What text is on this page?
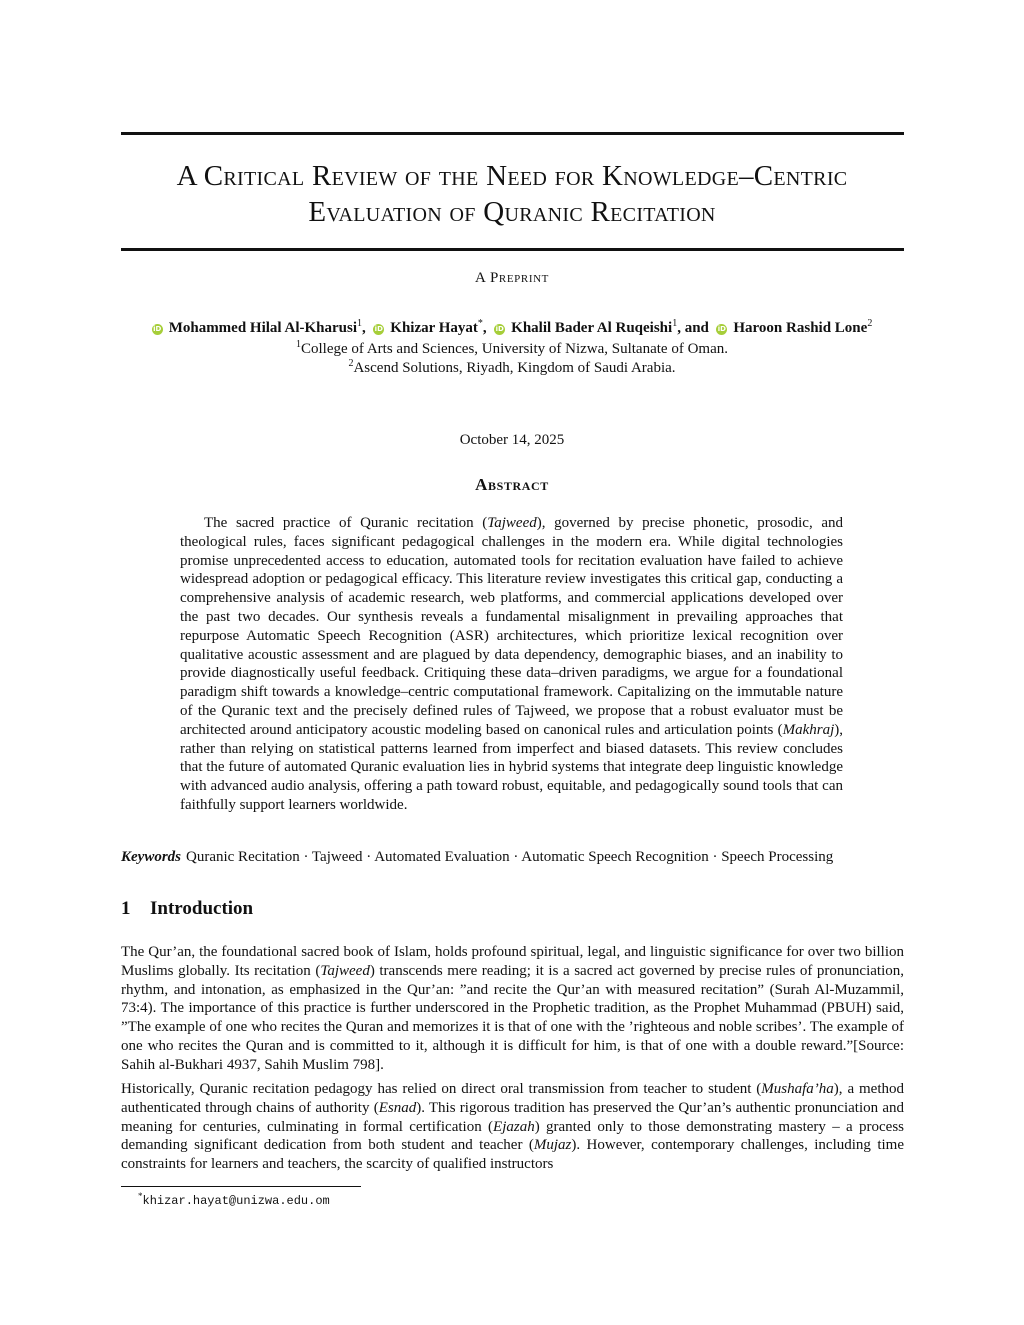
A Critical Review of the Need for Knowledge–Centric
Evaluation of Quranic Recitation
A Preprint
iD Mohammed Hilal Al-Kharusi$^1$, iD Khizar Hayat*, iD Khalil Bader Al Ruqeishi$^1$, and iD Haroon Rashid Lone$^2$
$^1$College of Arts and Sciences, University of Nizwa, Sultanate of Oman.
$^2$Ascend Solutions, Riyadh, Kingdom of Saudi Arabia.
October 14, 2025
Abstract
The sacred practice of Quranic recitation (Tajweed), governed by precise phonetic, prosodic, and theological rules, faces significant pedagogical challenges in the modern era. While digital technologies promise unprecedented access to education, automated tools for recitation evaluation have failed to achieve widespread adoption or pedagogical efficacy. This literature review investigates this critical gap, conducting a comprehensive analysis of academic research, web platforms, and commercial applications developed over the past two decades. Our synthesis reveals a fundamental misalignment in prevailing approaches that repurpose Automatic Speech Recognition (ASR) architectures, which prioritize lexical recognition over qualitative acoustic assessment and are plagued by data dependency, demographic biases, and an inability to provide diagnostically useful feedback. Critiquing these data–driven paradigms, we argue for a foundational paradigm shift towards a knowledge–centric computational framework. Capitalizing on the immutable nature of the Quranic text and the precisely defined rules of Tajweed, we propose that a robust evaluator must be architected around anticipatory acoustic modeling based on canonical rules and articulation points (Makhraj), rather than relying on statistical patterns learned from imperfect and biased datasets. This review concludes that the future of automated Quranic evaluation lies in hybrid systems that integrate deep linguistic knowledge with advanced audio analysis, offering a path toward robust, equitable, and pedagogically sound tools that can faithfully support learners worldwide.
Keywords Quranic Recitation · Tajweed · Automated Evaluation · Automatic Speech Recognition · Speech Processing
1 Introduction
The Qur’an, the foundational sacred book of Islam, holds profound spiritual, legal, and linguistic significance for over two billion Muslims globally. Its recitation (Tajweed) transcends mere reading; it is a sacred act governed by precise rules of pronunciation, rhythm, and intonation, as emphasized in the Qur’an: ”and recite the Qur’an with measured recitation” (Surah Al-Muzammil, 73:4). The importance of this practice is further underscored in the Prophetic tradition, as the Prophet Muhammad (PBUH) said, ”The example of one who recites the Quran and memorizes it is that of one with the ’righteous and noble scribes’. The example of one who recites the Quran and is committed to it, although it is difficult for him, is that of one with a double reward.”[Source: Sahih al-Bukhari 4937, Sahih Muslim 798].
Historically, Quranic recitation pedagogy has relied on direct oral transmission from teacher to student (Mushafa’ha), a method authenticated through chains of authority (Esnad). This rigorous tradition has preserved the Qur’an’s authentic pronunciation and meaning for centuries, culminating in formal certification (Ejazah) granted only to those demonstrating mastery – a process demanding significant dedication from both student and teacher (Mujaz). However, contemporary challenges, including time constraints for learners and teachers, the scarcity of qualified instructors
*khizar.hayat@unizwa.edu.om
